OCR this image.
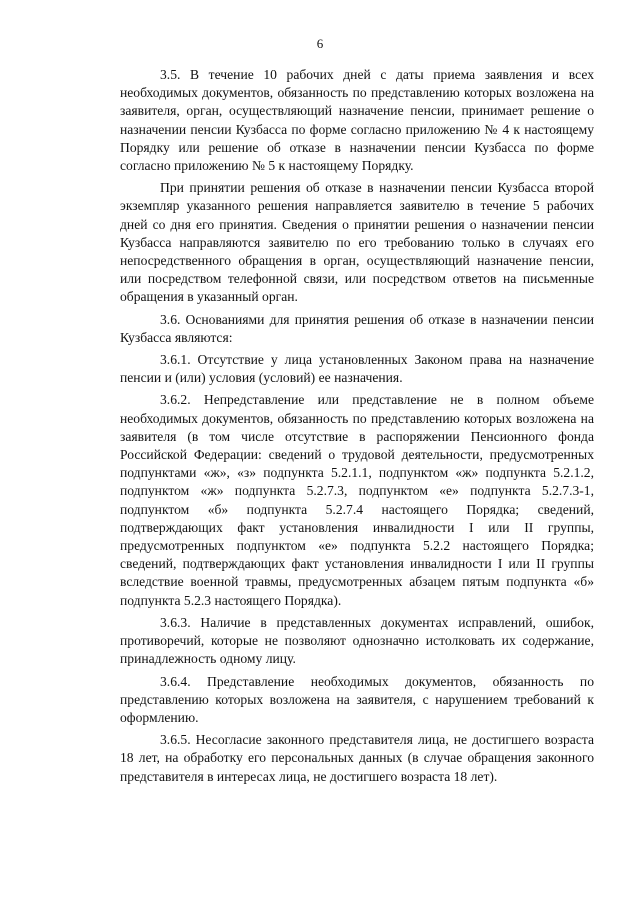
6

3.5. В течение 10 рабочих дней с даты приема заявления и всех необходимых документов, обязанность по представлению которых возложена на заявителя, орган, осуществляющий назначение пенсии, принимает решение о назначении пенсии Кузбасса по форме согласно приложению № 4 к настоящему Порядку или решение об отказе в назначении пенсии Кузбасса по форме согласно приложению № 5 к настоящему Порядку.

При принятии решения об отказе в назначении пенсии Кузбасса второй экземпляр указанного решения направляется заявителю в течение 5 рабочих дней со дня его принятия. Сведения о принятии решения о назначении пенсии Кузбасса направляются заявителю по его требованию только в случаях его непосредственного обращения в орган, осуществляющий назначение пенсии, или посредством телефонной связи, или посредством ответов на письменные обращения в указанный орган.

3.6. Основаниями для принятия решения об отказе в назначении пенсии Кузбасса являются:

3.6.1. Отсутствие у лица установленных Законом права на назначение пенсии и (или) условия (условий) ее назначения.

3.6.2. Непредставление или представление не в полном объеме необходимых документов, обязанность по представлению которых возложена на заявителя (в том числе отсутствие в распоряжении Пенсионного фонда Российской Федерации: сведений о трудовой деятельности, предусмотренных подпунктами «ж», «з» подпункта 5.2.1.1, подпунктом «ж» подпункта 5.2.1.2, подпунктом «ж» подпункта 5.2.7.3, подпунктом «е» подпункта 5.2.7.3-1, подпунктом «б» подпункта 5.2.7.4 настоящего Порядка; сведений, подтверждающих факт установления инвалидности I или II группы, предусмотренных подпунктом «е» подпункта 5.2.2 настоящего Порядка; сведений, подтверждающих факт установления инвалидности I или II группы вследствие военной травмы, предусмотренных абзацем пятым подпункта «б» подпункта 5.2.3 настоящего Порядка).

3.6.3. Наличие в представленных документах исправлений, ошибок, противоречий, которые не позволяют однозначно истолковать их содержание, принадлежность одному лицу.

3.6.4. Представление необходимых документов, обязанность по представлению которых возложена на заявителя, с нарушением требований к оформлению.

3.6.5. Несогласие законного представителя лица, не достигшего возраста 18 лет, на обработку его персональных данных (в случае обращения законного представителя в интересах лица, не достигшего возраста 18 лет).
